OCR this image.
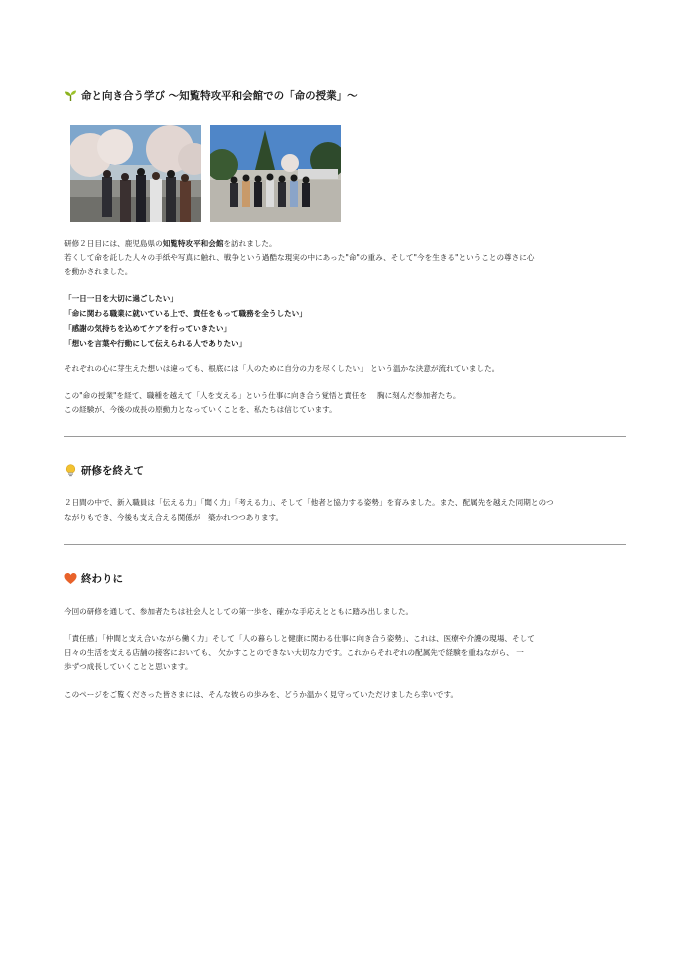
命と向き合う学び ～知覧特攻平和会館での「命の授業」～
研修２日目には、鹿児島県の知覧特攻平和会館を訪れました。
若くして命を託した人々の手紙や写真に触れ、戦争という過酷な現実の中にあった"命"の重み、そして"今を生きる"ということの尊さに心
を動かされました。
「一日一日を大切に過ごしたい」
「命に関わる職業に就いている上で、責任をもって職務を全うしたい」
「感謝の気持ちを込めてケアを行っていきたい」
「想いを言葉や行動にして伝えられる人でありたい」
それぞれの心に芽生えた想いは違っても、根底には「人のために自分の力を尽くしたい」 という温かな決意が流れていました。
この"命の授業"を経て、職種を越えて「人を支える」という仕事に向き合う覚悟と責任を　 胸に刻んだ参加者たち。
この経験が、今後の成長の原動力となっていくことを、私たちは信じています。
研修を終えて
２日間の中で、新入職員は「伝える力」「聞く力」「考える力」、そして「他者と協力する姿勢」を育みました。また、配属先を越えた同期とのつ
ながりもでき、今後も支え合える関係が　築かれつつあります。
終わりに
今回の研修を通して、参加者たちは社会人としての第一歩を、確かな手応えとともに踏み出しました。
「責任感」「仲間と支え合いながら働く力」そして「人の暮らしと健康に関わる仕事に向き合う姿勢」、これは、医療や介護の現場、そして
日々の生活を支える店舗の接客においても、 欠かすことのできない大切な力です。これからそれぞれの配属先で経験を重ねながら、 一
歩ずつ成長していくことと思います。
このページをご覧くださった皆さまには、そんな彼らの歩みを、どうか温かく見守っていただけましたら幸いです。
